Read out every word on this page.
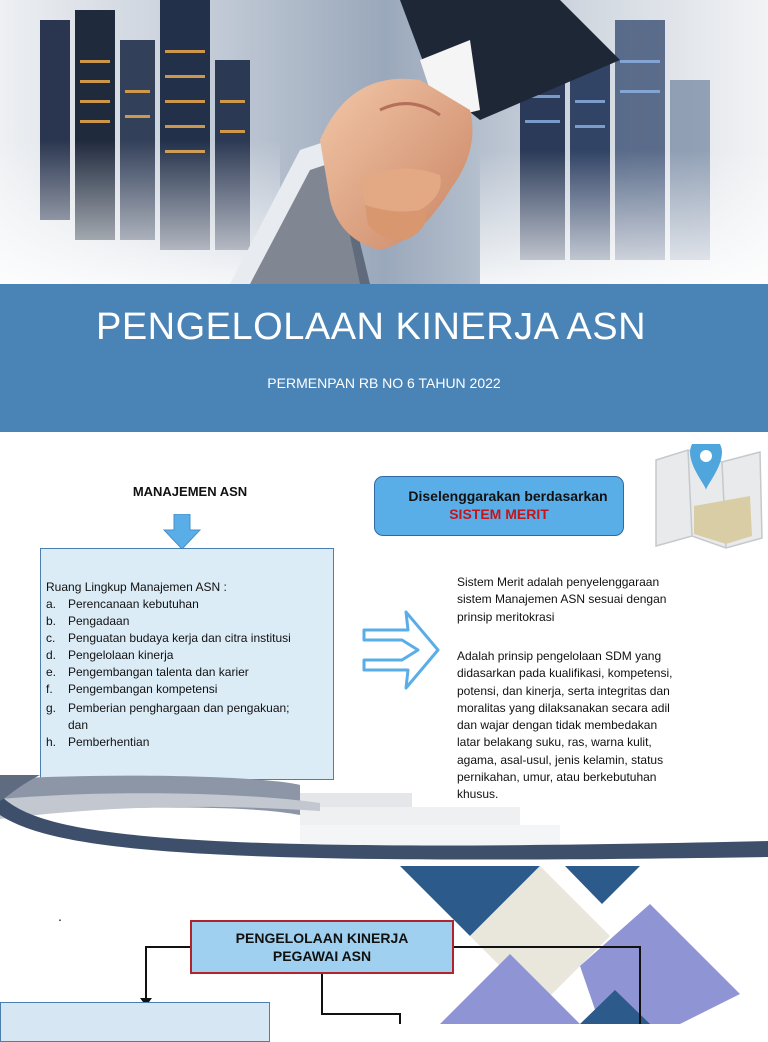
PENGELOLAAN KINERJA ASN
PERMENPAN RB NO 6 TAHUN 2022
MANAJEMEN ASN
Ruang Lingkup Manajemen ASN :
a. Perencanaan kebutuhan
b. Pengadaan
c. Penguatan budaya kerja dan citra institusi
d. Pengelolaan kinerja
e. Pengembangan talenta dan karier
f. Pengembangan kompetensi
g. Pemberian penghargaan dan pengakuan;
dan
h. Pemberhentian
Diselenggarakan berdasarkan
SISTEM MERIT
Sistem Merit adalah penyelenggaraan
sistem Manajemen ASN sesuai dengan
prinsip meritokrasi
Adalah prinsip pengelolaan SDM yang
didasarkan pada kualifikasi, kompetensi,
potensi, dan kinerja, serta integritas dan
moralitas yang dilaksanakan secara adil
dan wajar dengan tidak membedakan
latar belakang suku, ras, warna kulit,
agama, asal-usul, jenis kelamin, status
pernikahan, umur, atau berkebutuhan
khusus.
.
PENGELOLAAN KINERJA
PEGAWAI ASN
